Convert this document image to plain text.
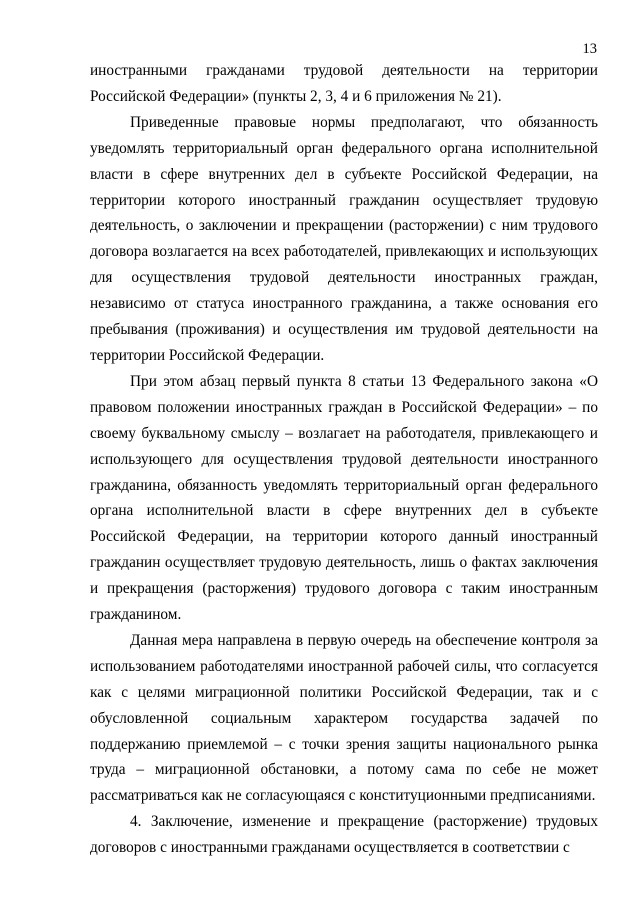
13

иностранными гражданами трудовой деятельности на территории Российской Федерации» (пункты 2, 3, 4 и 6 приложения № 21).

Приведенные правовые нормы предполагают, что обязанность уведомлять территориальный орган федерального органа исполнительной власти в сфере внутренних дел в субъекте Российской Федерации, на территории которого иностранный гражданин осуществляет трудовую деятельность, о заключении и прекращении (расторжении) с ним трудового договора возлагается на всех работодателей, привлекающих и использующих для осуществления трудовой деятельности иностранных граждан, независимо от статуса иностранного гражданина, а также основания его пребывания (проживания) и осуществления им трудовой деятельности на территории Российской Федерации.

При этом абзац первый пункта 8 статьи 13 Федерального закона «О правовом положении иностранных граждан в Российской Федерации» – по своему буквальному смыслу – возлагает на работодателя, привлекающего и использующего для осуществления трудовой деятельности иностранного гражданина, обязанность уведомлять территориальный орган федерального органа исполнительной власти в сфере внутренних дел в субъекте Российской Федерации, на территории которого данный иностранный гражданин осуществляет трудовую деятельность, лишь о фактах заключения и прекращения (расторжения) трудового договора с таким иностранным гражданином.

Данная мера направлена в первую очередь на обеспечение контроля за использованием работодателями иностранной рабочей силы, что согласуется как с целями миграционной политики Российской Федерации, так и с обусловленной социальным характером государства задачей по поддержанию приемлемой – с точки зрения защиты национального рынка труда – миграционной обстановки, а потому сама по себе не может рассматриваться как не согласующаяся с конституционными предписаниями.

4. Заключение, изменение и прекращение (расторжение) трудовых договоров с иностранными гражданами осуществляется в соответствии с
